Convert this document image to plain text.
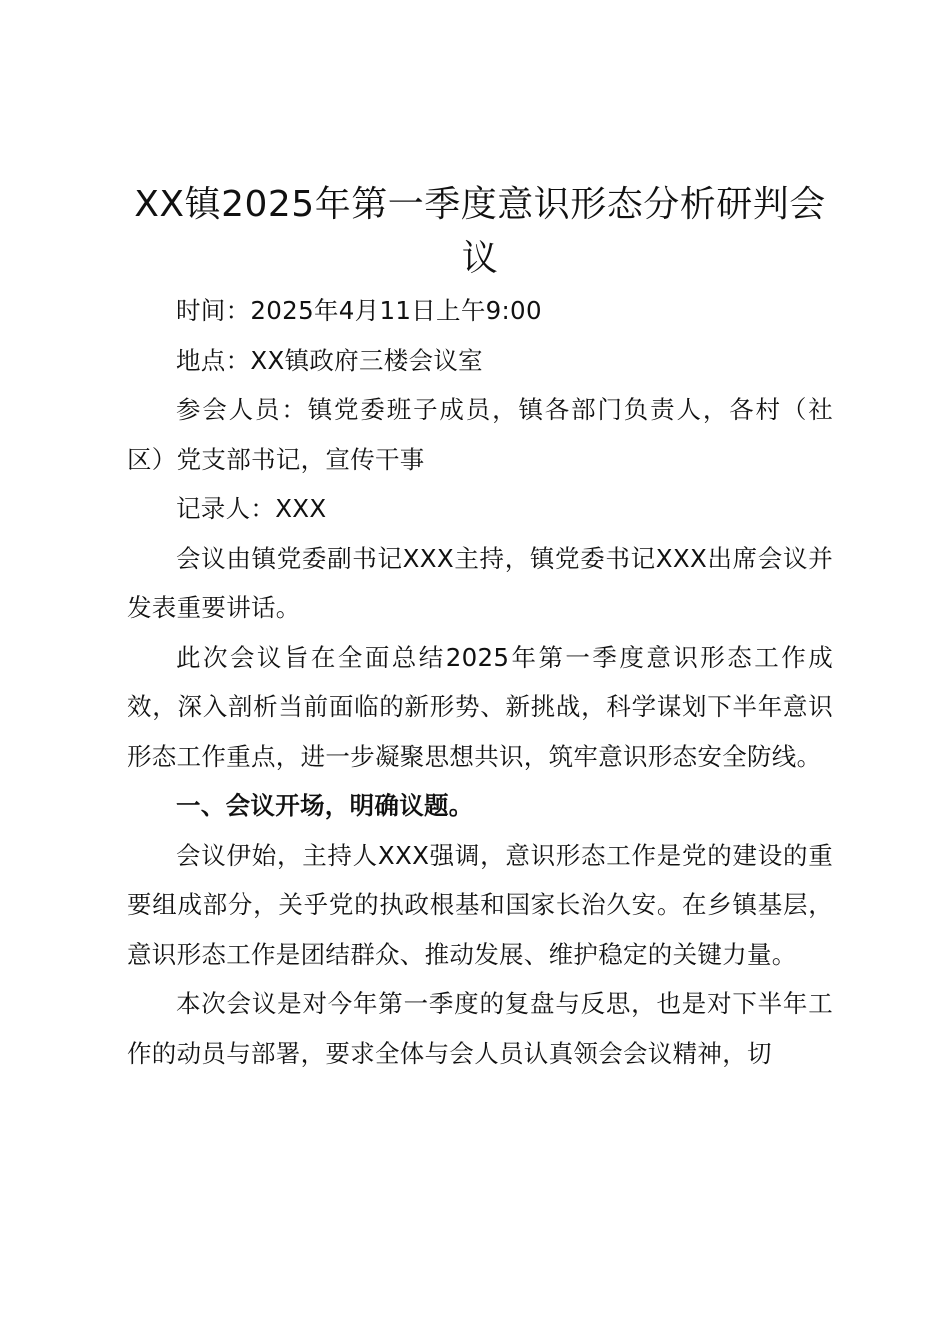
XX镇2025年第一季度意识形态分析研判会议

时间：2025年4月11日上午9:00

地点：XX镇政府三楼会议室

参会人员：镇党委班子成员，镇各部门负责人，各村（社区）党支部书记，宣传干事

记录人：XXX

会议由镇党委副书记XXX主持，镇党委书记XXX出席会议并发表重要讲话。

此次会议旨在全面总结2025年第一季度意识形态工作成效，深入剖析当前面临的新形势、新挑战，科学谋划下半年意识形态工作重点，进一步凝聚思想共识，筑牢意识形态安全防线。

一、会议开场，明确议题。

会议伊始，主持人XXX强调，意识形态工作是党的建设的重要组成部分，关乎党的执政根基和国家长治久安。在乡镇基层，意识形态工作是团结群众、推动发展、维护稳定的关键力量。

本次会议是对今年第一季度的复盘与反思，也是对下半年工作的动员与部署，要求全体与会人员认真领会会议精神，切
